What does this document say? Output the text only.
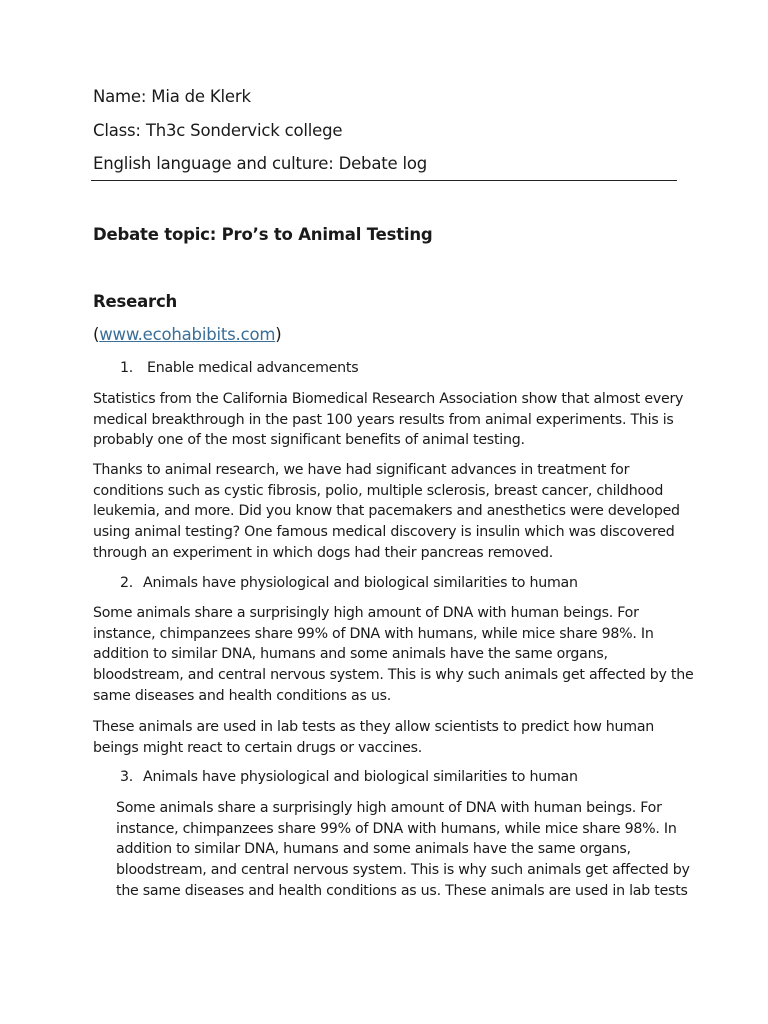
Name: Mia de Klerk
Class: Th3c Sondervick college
English language and culture: Debate log
Debate topic: Pro’s to Animal Testing
Research
(www.ecohabibits.com)
1. Enable medical advancements

Statistics from the California Biomedical Research Association show that almost every
medical breakthrough in the past 100 years results from animal experiments. This is
probably one of the most significant benefits of animal testing.

Thanks to animal research, we have had significant advances in treatment for
conditions such as cystic fibrosis, polio, multiple sclerosis, breast cancer, childhood
leukemia, and more. Did you know that pacemakers and anesthetics were developed
using animal testing? One famous medical discovery is insulin which was discovered
through an experiment in which dogs had their pancreas removed.

2. Animals have physiological and biological similarities to human

Some animals share a surprisingly high amount of DNA with human beings. For
instance, chimpanzees share 99% of DNA with humans, while mice share 98%. In
addition to similar DNA, humans and some animals have the same organs,
bloodstream, and central nervous system. This is why such animals get affected by the
same diseases and health conditions as us.

These animals are used in lab tests as they allow scientists to predict how human
beings might react to certain drugs or vaccines.

3. Animals have physiological and biological similarities to human

Some animals share a surprisingly high amount of DNA with human beings. For
instance, chimpanzees share 99% of DNA with humans, while mice share 98%. In
addition to similar DNA, humans and some animals have the same organs,
bloodstream, and central nervous system. This is why such animals get affected by
the same diseases and health conditions as us. These animals are used in lab tests
